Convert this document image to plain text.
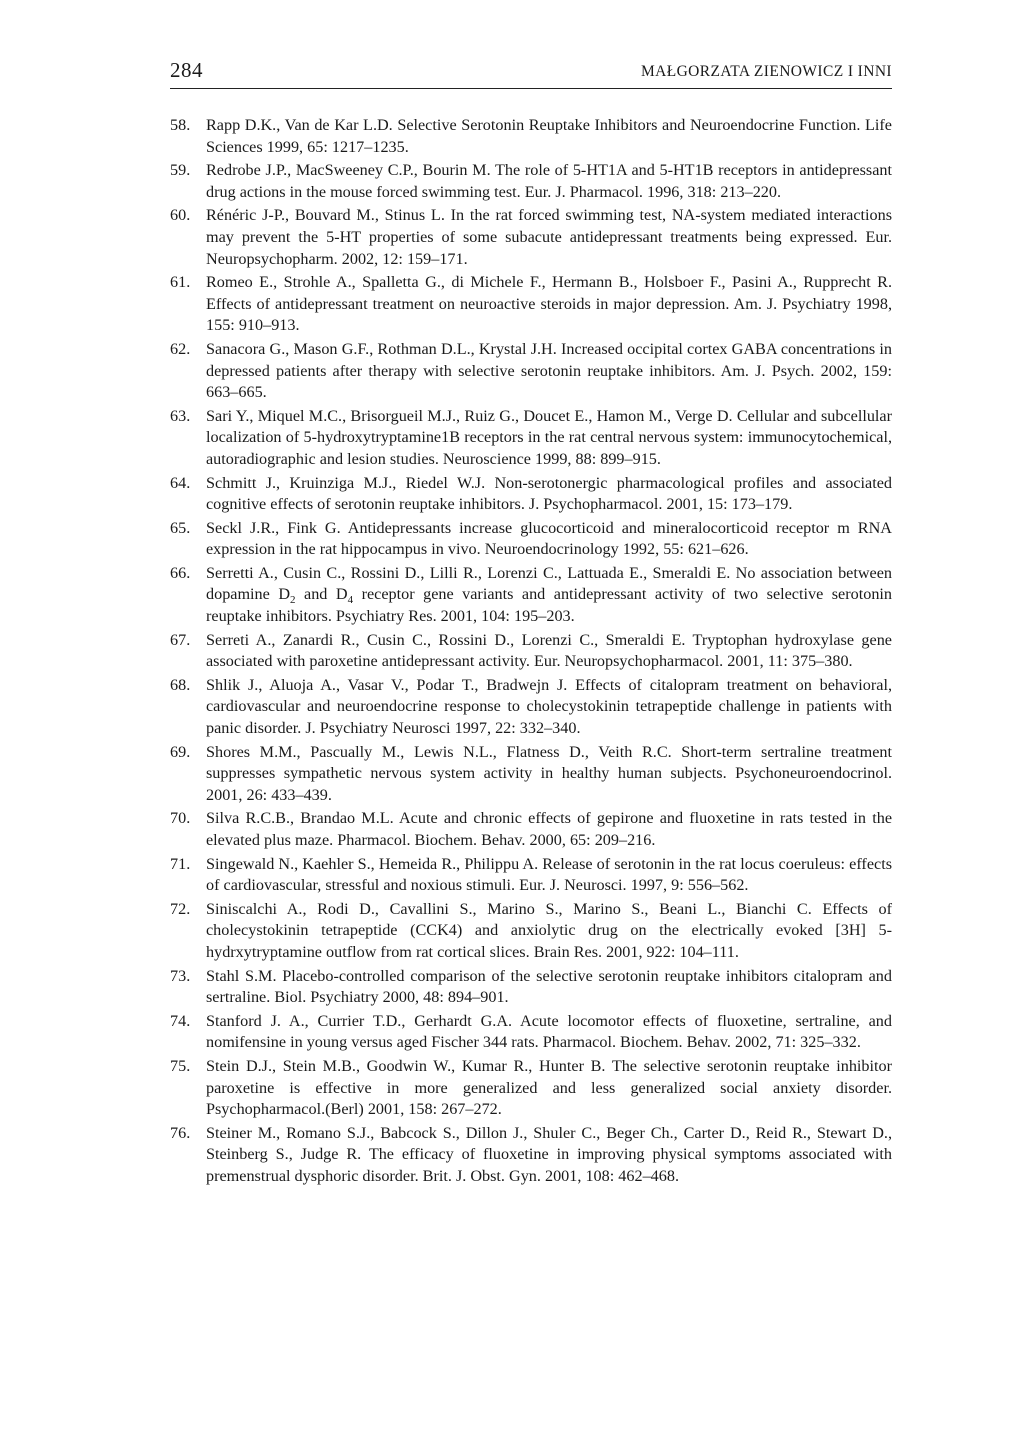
284	MAŁGORZATA ZIENOWICZ I INNI
58. Rapp D.K., Van de Kar L.D. Selective Serotonin Reuptake Inhibitors and Neuroendocrine Function. Life Sciences 1999, 65: 1217–1235.
59. Redrobe J.P., MacSweeney C.P., Bourin M. The role of 5-HT1A and 5-HT1B receptors in antidepressant drug actions in the mouse forced swimming test. Eur. J. Pharmacol. 1996, 318: 213–220.
60. Rénéric J-P., Bouvard M., Stinus L. In the rat forced swimming test, NA-system mediated interactions may prevent the 5-HT properties of some subacute antidepressant treatments being expressed. Eur. Neuropsychopharm. 2002, 12: 159–171.
61. Romeo E., Strohle A., Spalletta G., di Michele F., Hermann B., Holsboer F., Pasini A., Rupprecht R. Effects of antidepressant treatment on neuroactive steroids in major depression. Am. J. Psychiatry 1998, 155: 910–913.
62. Sanacora G., Mason G.F., Rothman D.L., Krystal J.H. Increased occipital cortex GABA concentrations in depressed patients after therapy with selective serotonin reuptake inhibitors. Am. J. Psych. 2002, 159: 663–665.
63. Sari Y., Miquel M.C., Brisorgueil M.J., Ruiz G., Doucet E., Hamon M., Verge D. Cellular and subcellular localization of 5-hydroxytryptamine1B receptors in the rat central nervous system: immunocytochemical, autoradiographic and lesion studies. Neuroscience 1999, 88: 899–915.
64. Schmitt J., Kruinziga M.J., Riedel W.J. Non-serotonergic pharmacological profiles and associated cognitive effects of serotonin reuptake inhibitors. J. Psychopharmacol. 2001, 15: 173–179.
65. Seckl J.R., Fink G. Antidepressants increase glucocorticoid and mineralocorticoid receptor m RNA expression in the rat hippocampus in vivo. Neuroendocrinology 1992, 55: 621–626.
66. Serretti A., Cusin C., Rossini D., Lilli R., Lorenzi C., Lattuada E., Smeraldi E. No association between dopamine $D_2$ and $D_4$ receptor gene variants and antidepressant activity of two selective serotonin reuptake inhibitors. Psychiatry Res. 2001, 104: 195–203.
67. Serreti A., Zanardi R., Cusin C., Rossini D., Lorenzi C., Smeraldi E. Tryptophan hydroxylase gene associated with paroxetine antidepressant activity. Eur. Neuropsychopharmacol. 2001, 11: 375–380.
68. Shlik J., Aluoja A., Vasar V., Podar T., Bradwejn J. Effects of citalopram treatment on behavioral, cardiovascular and neuroendocrine response to cholecystokinin tetrapeptide challenge in patients with panic disorder. J. Psychiatry Neurosci 1997, 22: 332–340.
69. Shores M.M., Pascually M., Lewis N.L., Flatness D., Veith R.C. Short-term sertraline treatment suppresses sympathetic nervous system activity in healthy human subjects. Psychoneuroendocrinol. 2001, 26: 433–439.
70. Silva R.C.B., Brandao M.L. Acute and chronic effects of gepirone and fluoxetine in rats tested in the elevated plus maze. Pharmacol. Biochem. Behav. 2000, 65: 209–216.
71. Singewald N., Kaehler S., Hemeida R., Philippu A. Release of serotonin in the rat locus coeruleus: effects of cardiovascular, stressful and noxious stimuli. Eur. J. Neurosci. 1997, 9: 556–562.
72. Siniscalchi A., Rodi D., Cavallini S., Marino S., Marino S., Beani L., Bianchi C. Effects of cholecystokinin tetrapeptide (CCK4) and anxiolytic drug on the electrically evoked [3H] 5-hydrxytryptamine outflow from rat cortical slices. Brain Res. 2001, 922: 104–111.
73. Stahl S.M. Placebo-controlled comparison of the selective serotonin reuptake inhibitors citalopram and sertraline. Biol. Psychiatry 2000, 48: 894–901.
74. Stanford J. A., Currier T.D., Gerhardt G.A. Acute locomotor effects of fluoxetine, sertraline, and nomifensine in young versus aged Fischer 344 rats. Pharmacol. Biochem. Behav. 2002, 71: 325–332.
75. Stein D.J., Stein M.B., Goodwin W., Kumar R., Hunter B. The selective serotonin reuptake inhibitor paroxetine is effective in more generalized and less generalized social anxiety disorder. Psychopharmacol.(Berl) 2001, 158: 267–272.
76. Steiner M., Romano S.J., Babcock S., Dillon J., Shuler C., Beger Ch., Carter D., Reid R., Stewart D., Steinberg S., Judge R. The efficacy of fluoxetine in improving physical symptoms associated with premenstrual dysphoric disorder. Brit. J. Obst. Gyn. 2001, 108: 462–468.
